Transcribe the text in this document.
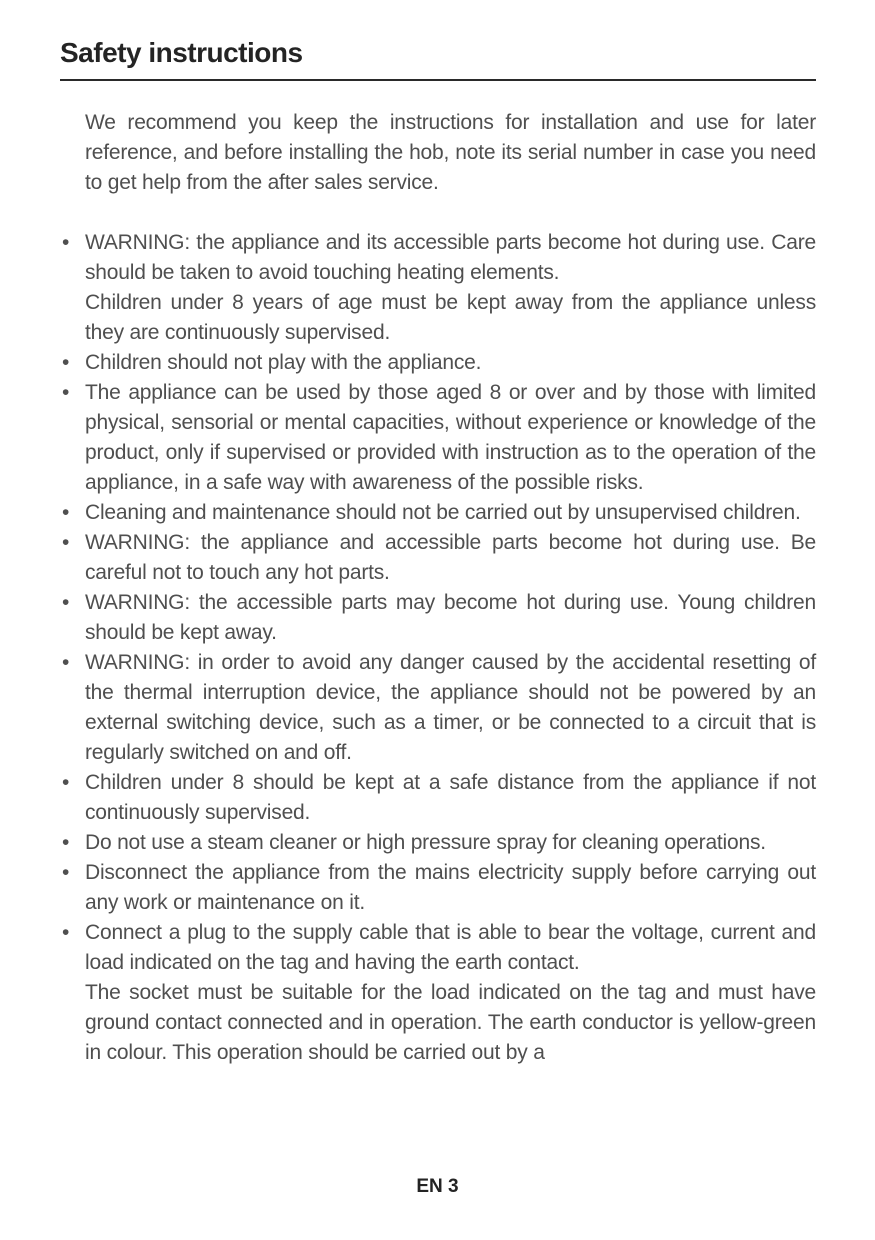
Safety instructions

We recommend you keep the instructions for installation and use for later reference, and before installing the hob, note its serial number in case you need to get help from the after sales service.

• WARNING: the appliance and its accessible parts become hot during use. Care should be taken to avoid touching heating elements.
Children under 8 years of age must be kept away from the appliance unless they are continuously supervised.
• Children should not play with the appliance.
• The appliance can be used by those aged 8 or over and by those with limited physical, sensorial or mental capacities, without experience or knowledge of the product, only if supervised or provided with instruction as to the operation of the appliance, in a safe way with awareness of the possible risks.
• Cleaning and maintenance should not be carried out by unsupervised children.
• WARNING: the appliance and accessible parts become hot during use. Be careful not to touch any hot parts.
• WARNING: the accessible parts may become hot during use. Young children should be kept away.
• WARNING: in order to avoid any danger caused by the accidental resetting of the thermal interruption device, the appliance should not be powered by an external switching device, such as a timer, or be connected to a circuit that is regularly switched on and off.
• Children under 8 should be kept at a safe distance from the appliance if not continuously supervised.
• Do not use a steam cleaner or high pressure spray for cleaning operations.
• Disconnect the appliance from the mains electricity supply before carrying out any work or maintenance on it.
• Connect a plug to the supply cable that is able to bear the voltage, current and load indicated on the tag and having the earth contact.
The socket must be suitable for the load indicated on the tag and must have ground contact connected and in operation. The earth conductor is yellow-green in colour. This operation should be carried out by a
EN 3
